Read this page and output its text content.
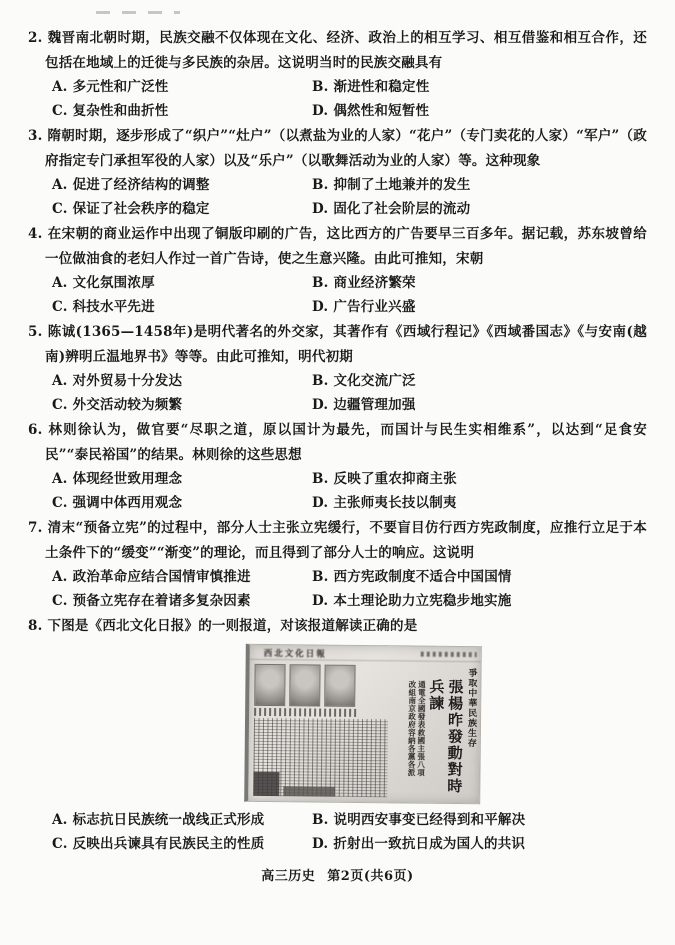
2. 魏晋南北朝时期，民族交融不仅体现在文化、经济、政治上的相互学习、相互借鉴和相互合作，还包括在地域上的迁徙与多民族的杂居。这说明当时的民族交融具有

A. 多元性和广泛性	B. 渐进性和稳定性
C. 复杂性和曲折性	D. 偶然性和短暂性

3. 隋朝时期，逐步形成了“织户”“灶户”（以煮盐为业的人家）“花户”（专门卖花的人家）“军户”（政府指定专门承担军役的人家）以及“乐户”（以歌舞活动为业的人家）等。这种现象

A. 促进了经济结构的调整	B. 抑制了土地兼并的发生
C. 保证了社会秩序的稳定	D. 固化了社会阶层的流动

4. 在宋朝的商业运作中出现了铜版印刷的广告，这比西方的广告要早三百多年。据记载，苏东坡曾给一位做油食的老妇人作过一首广告诗，使之生意兴隆。由此可推知，宋朝

A. 文化氛围浓厚	B. 商业经济繁荣
C. 科技水平先进	D. 广告行业兴盛

5. 陈诚(1365—1458年)是明代著名的外交家，其著作有《西域行程记》《西域番国志》《与安南(越南)辨明丘温地界书》等等。由此可推知，明代初期

A. 对外贸易十分发达	B. 文化交流广泛
C. 外交活动较为频繁	D. 边疆管理加强

6. 林则徐认为，做官要“尽职之道，原以国计为最先，而国计与民生实相维系”，以达到“足食安民”“泰民裕国”的结果。林则徐的这些思想

A. 体现经世致用理念	B. 反映了重农抑商主张
C. 强调中体西用观念	D. 主张师夷长技以制夷

7. 清末“预备立宪”的过程中，部分人士主张立宪缓行，不要盲目仿行西方宪政制度，应推行立足于本土条件下的“缓变”“渐变”的理论，而且得到了部分人士的响应。这说明

A. 政治革命应结合国情审慎推进	B. 西方宪政制度不适合中国国情
C. 预备立宪存在着诸多复杂因素	D. 本土理论助力立宪稳步地实施

8. 下图是《西北文化日报》的一则报道，对该报道解读正确的是

西北文化日報
爭取中華民族生存
張楊昨發動對時兵諫
通電全國發表救國主張八項
改組南京政府容納各黨各派
A. 标志抗日民族统一战线正式形成	B. 说明西安事变已经得到和平解决
C. 反映出兵谏具有民族民主的性质	D. 折射出一致抗日成为国人的共识
高三历史 第2页(共6页)
